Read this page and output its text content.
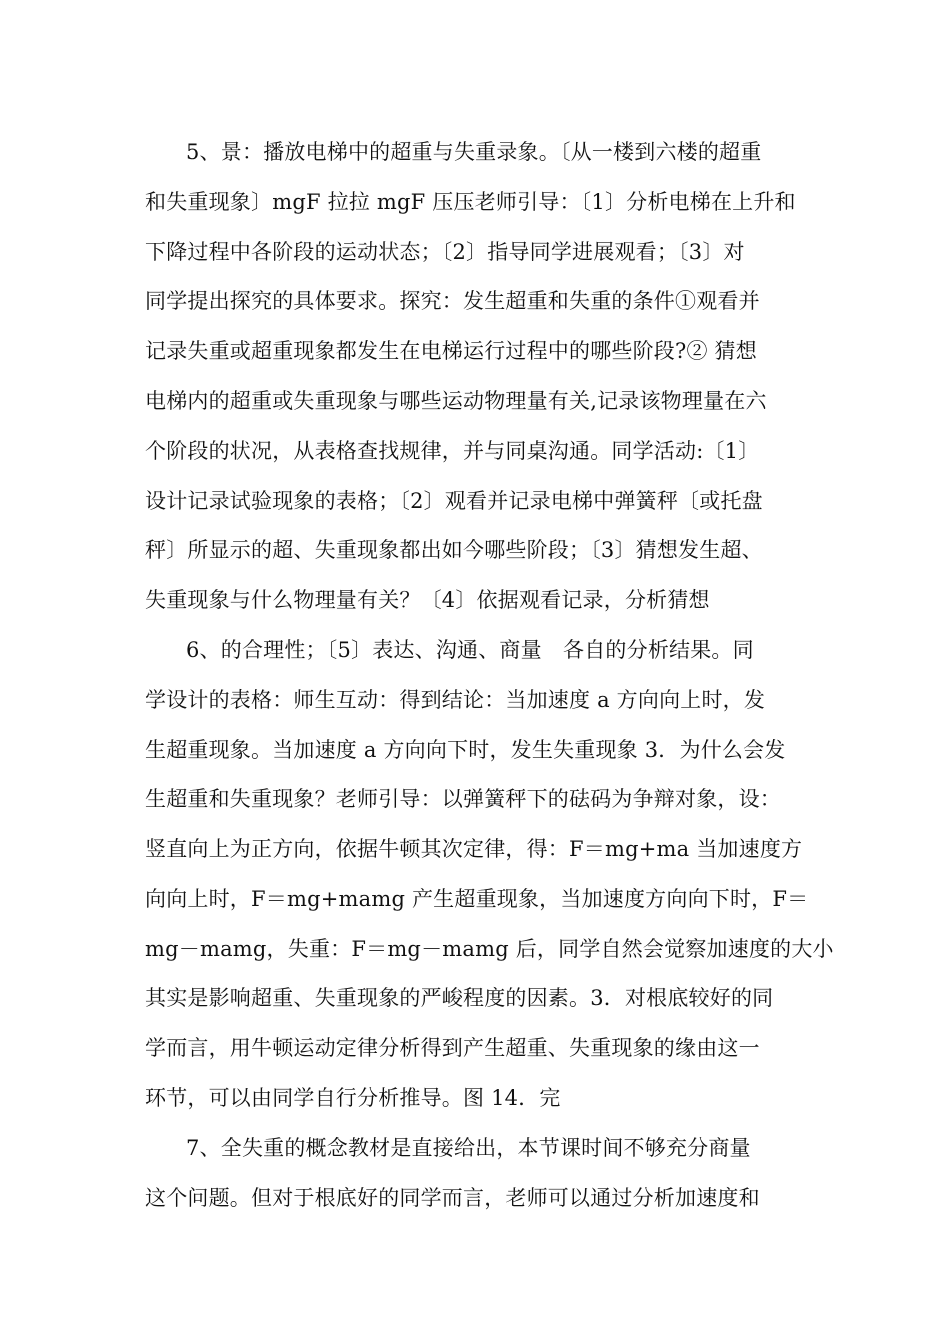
5、景：播放电梯中的超重与失重录象。〔从一楼到六楼的超重
和失重现象〕mgF 拉拉 mgF 压压老师引导：〔1〕分析电梯在上升和
下降过程中各阶段的运动状态；〔2〕指导同学进展观看；〔3〕对
同学提出探究的具体要求。探究：发生超重和失重的条件①观看并
记录失重或超重现象都发生在电梯运行过程中的哪些阶段?② 猜想
电梯内的超重或失重现象与哪些运动物理量有关,记录该物理量在六
个阶段的状况，从表格查找规律，并与同桌沟通。同学活动:〔1〕
设计记录试验现象的表格；〔2〕观看并记录电梯中弹簧秤〔或托盘
秤〕所显示的超、失重现象都出如今哪些阶段；〔3〕猜想发生超、
失重现象与什么物理量有关？〔4〕依据观看记录，分析猜想
6、的合理性；〔5〕表达、沟通、商量　各自的分析结果。同
学设计的表格：师生互动：得到结论：当加速度 a 方向向上时，发
生超重现象。当加速度 a 方向向下时，发生失重现象 3．为什么会发
生超重和失重现象？老师引导：以弹簧秤下的砝码为争辩对象，设：
竖直向上为正方向，依据牛顿其次定律，得：F＝mg+ma 当加速度方
向向上时，F＝mg+mamg 产生超重现象，当加速度方向向下时，F＝
mg－mamg，失重：F＝mg－mamg 后，同学自然会觉察加速度的大小
其实是影响超重、失重现象的严峻程度的因素。3．对根底较好的同
学而言，用牛顿运动定律分析得到产生超重、失重现象的缘由这一
环节，可以由同学自行分析推导。图 14．完
7、全失重的概念教材是直接给出，本节课时间不够充分商量
这个问题。但对于根底好的同学而言，老师可以通过分析加速度和
